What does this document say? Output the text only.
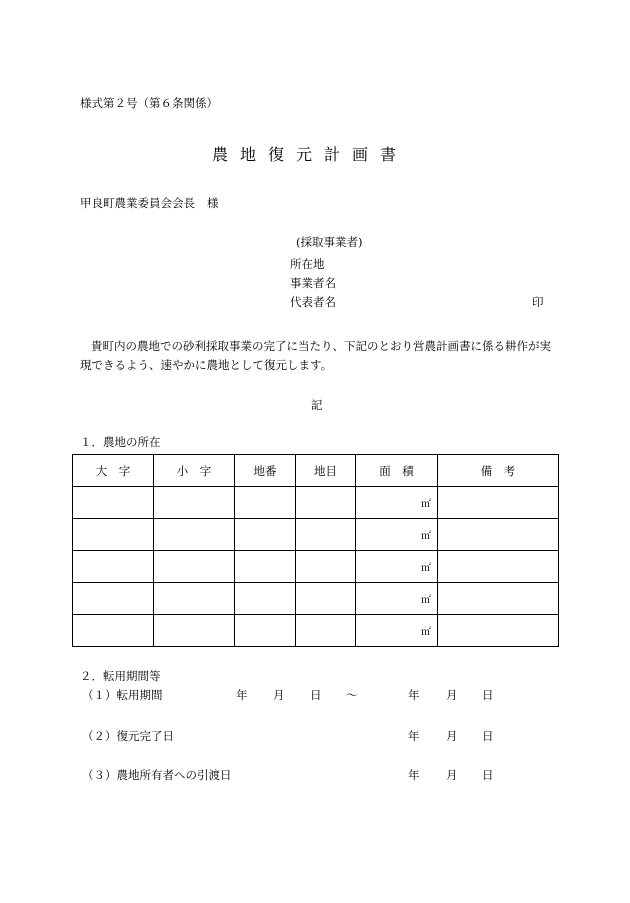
様式第２号（第６条関係）
農地復元計画書
甲良町農業委員会会長 様
(採取事業者)
所在地
事業者名
代表者名	印
貴町内の農地での砂利採取事業の完了に当たり、下記のとおり営農計画書に係る耕作が実現できるよう、速やかに農地として復元します。
記
１．農地の所在
大　字	小　字	地番	地目	面　積	備　考
				㎡	
				㎡	
				㎡	
				㎡	
				㎡	
２．転用期間等
（１）転用期間	年 月 日 ～	年 月 日
（２）復元完了日	年 月 日
（３）農地所有者への引渡日	年 月 日
